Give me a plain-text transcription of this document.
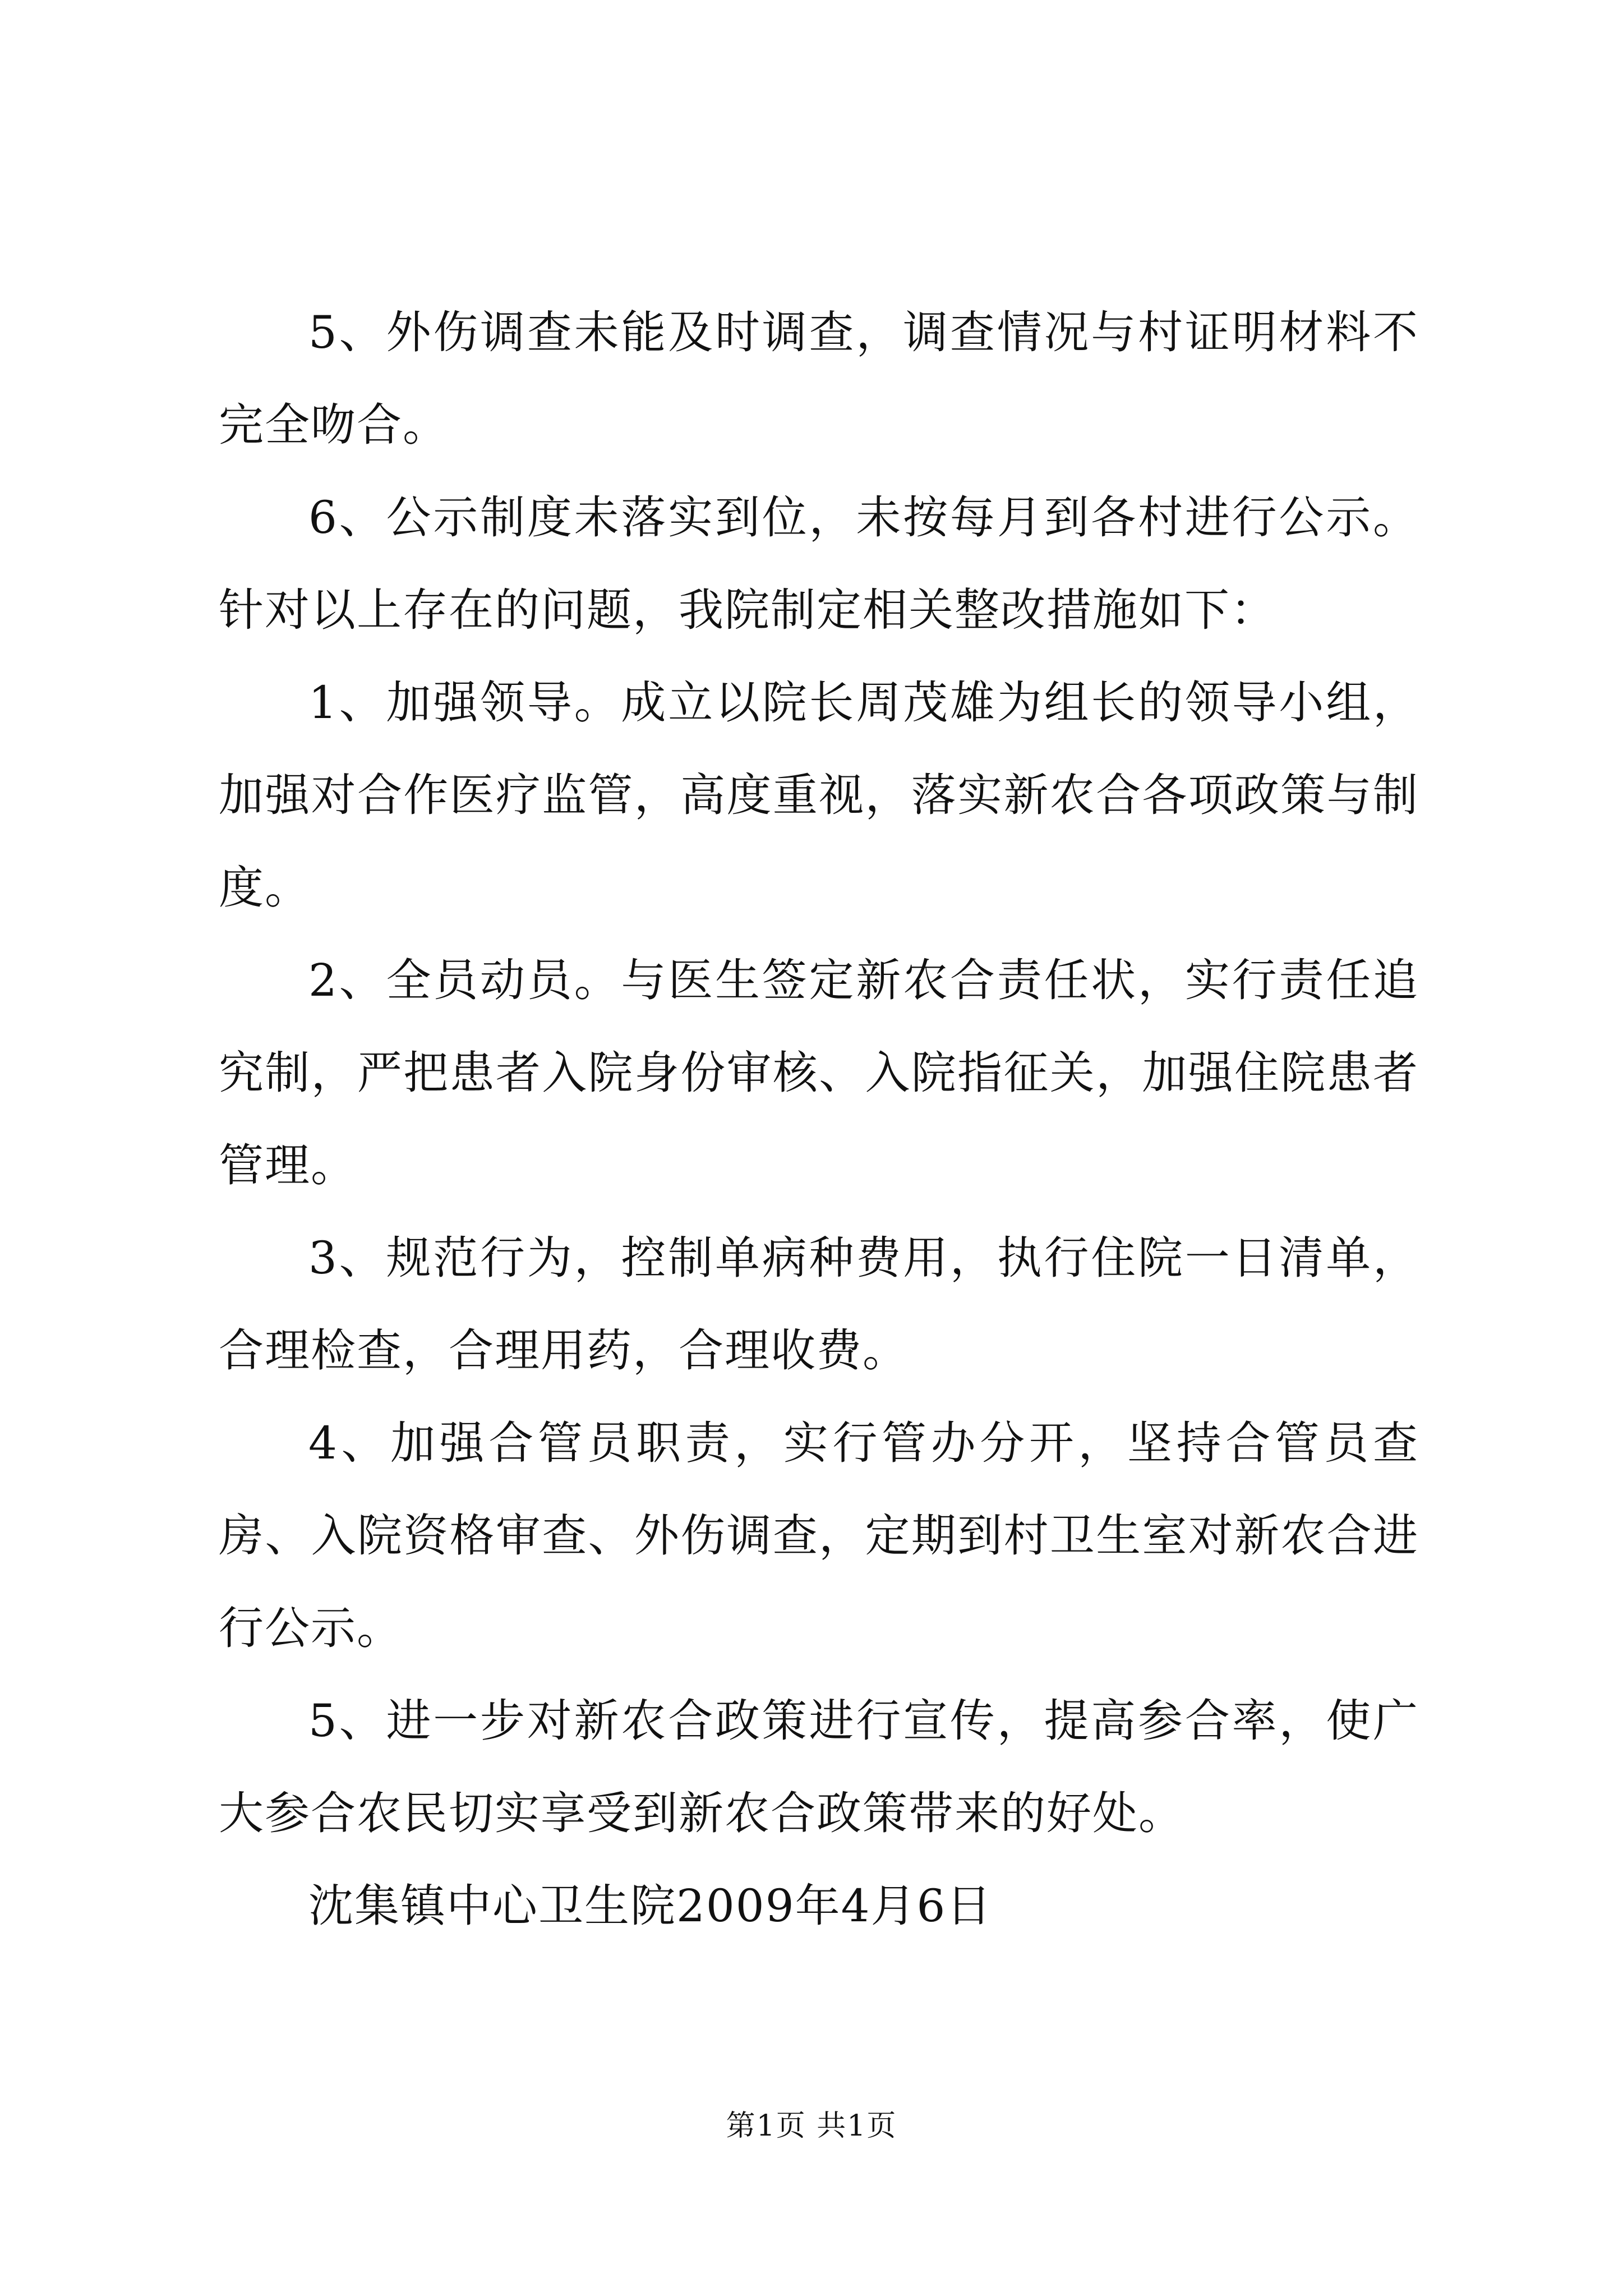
5、外伤调查未能及时调查，调查情况与村证明材料不完全吻合。

6、公示制度未落实到位，未按每月到各村进行公示。针对以上存在的问题，我院制定相关整改措施如下：

1、加强领导。成立以院长周茂雄为组长的领导小组，加强对合作医疗监管，高度重视，落实新农合各项政策与制度。

2、全员动员。与医生签定新农合责任状，实行责任追究制，严把患者入院身份审核、入院指征关，加强住院患者管理。

3、规范行为，控制单病种费用，执行住院一日清单，合理检查，合理用药，合理收费。

4、加强合管员职责，实行管办分开，坚持合管员查房、入院资格审查、外伤调查，定期到村卫生室对新农合进行公示。

5、进一步对新农合政策进行宣传，提高参合率，使广大参合农民切实享受到新农合政策带来的好处。

沈集镇中心卫生院2009年4月6日

第1页 共1页
